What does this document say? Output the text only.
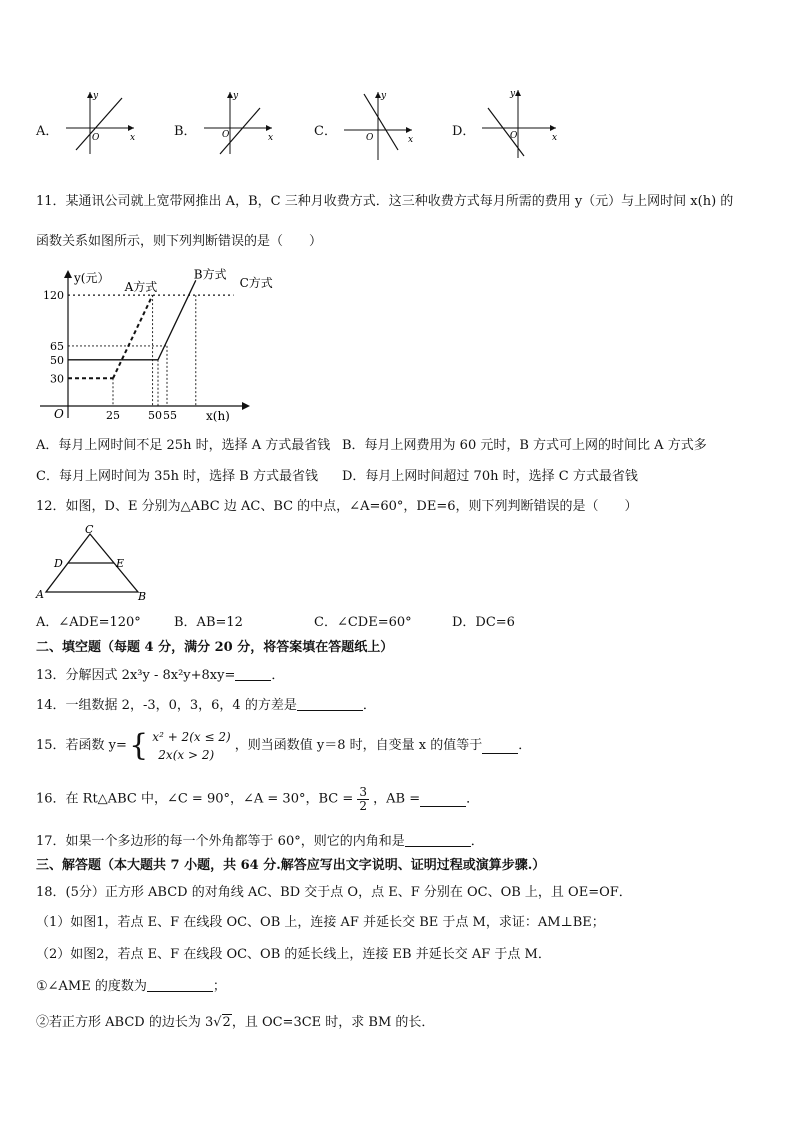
A．	x
y
O	B．	x
y
O	C．
x
y
O	D．	x
y
O
11．某通讯公司就上宽带网推出 A，B，C 三种月收费方式．这三种收费方式每月所需的费用 y（元）与上网时间 x(h) 的
函数关系如图所示，则下列判断错误的是（　　）
y(元）
x(h)
O
A方式
B方式
C方式
30
50
65
120
25	50 55
A．每月上网时间不足 25h 时，选择 A 方式最省钱 B．每月上网费用为 60 元时，B 方式可上网的时间比 A 方式多
C．每月上网时间为 35h 时，选择 B 方式最省钱 D．每月上网时间超过 70h 时，选择 C 方式最省钱
12．如图，D、E 分别为△ABC 边 AC、BC 的中点，∠A=60°，DE=6，则下列判断错误的是（　　）
A	B
C
D	E
A．∠ADE=120°	B．AB=12	C．∠CDE=60°	D．DC=6
二、填空题（每题 4 分，满分 20 分，将答案填在答题纸上）
13．分解因式 2x³y - 8x²y+8xy=	．
14．一组数据 2，-3，0，3，6，4 的方差是	．
15．若函数 y= { x² + 2(x ≤ 2)
2x(x > 2)
，则当函数值 y＝8 时，自变量 x 的值等于	．
16．在 Rt△ABC 中，∠C = 90°，∠A = 30°，BC = $\frac{3}{2}$ ，AB =	．
17．如果一个多边形的每一个外角都等于 60°，则它的内角和是	．
三、解答题（本大题共 7 小题，共 64 分.解答应写出文字说明、证明过程或演算步骤.）
18．(5分）正方形 ABCD 的对角线 AC、BD 交于点 O，点 E、F 分别在 OC、OB 上，且 OE=OF．
（1）如图1，若点 E、F 在线段 OC、OB 上，连接 AF 并延长交 BE 于点 M，求证：AM⊥BE；
（2）如图2，若点 E、F 在线段 OC、OB 的延长线上，连接 EB 并延长交 AF 于点 M．
①∠AME 的度数为	；
②若正方形 ABCD 的边长为 3√2，且 OC=3CE 时，求 BM 的长．
